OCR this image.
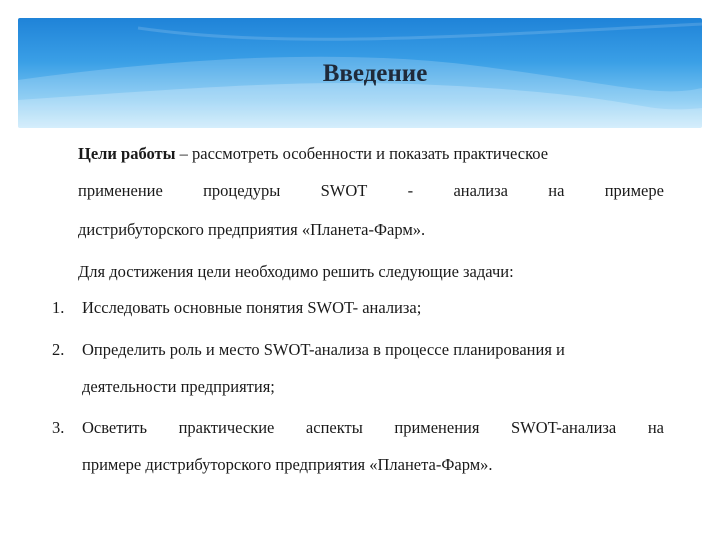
Введение
Цели работы – рассмотреть особенности и показать практическое
применение процедуры SWOT - анализа на примере
дистрибуторского предприятия «Планета-Фарм».
Для достижения цели необходимо решить следующие задачи:
1. Исследовать основные понятия SWOT- анализа;
2. Определить роль и место SWOT-анализа в процессе планирования и
деятельности предприятия;
3. Осветить практические аспекты применения SWOT-анализа на
примере дистрибуторского предприятия «Планета-Фарм».
